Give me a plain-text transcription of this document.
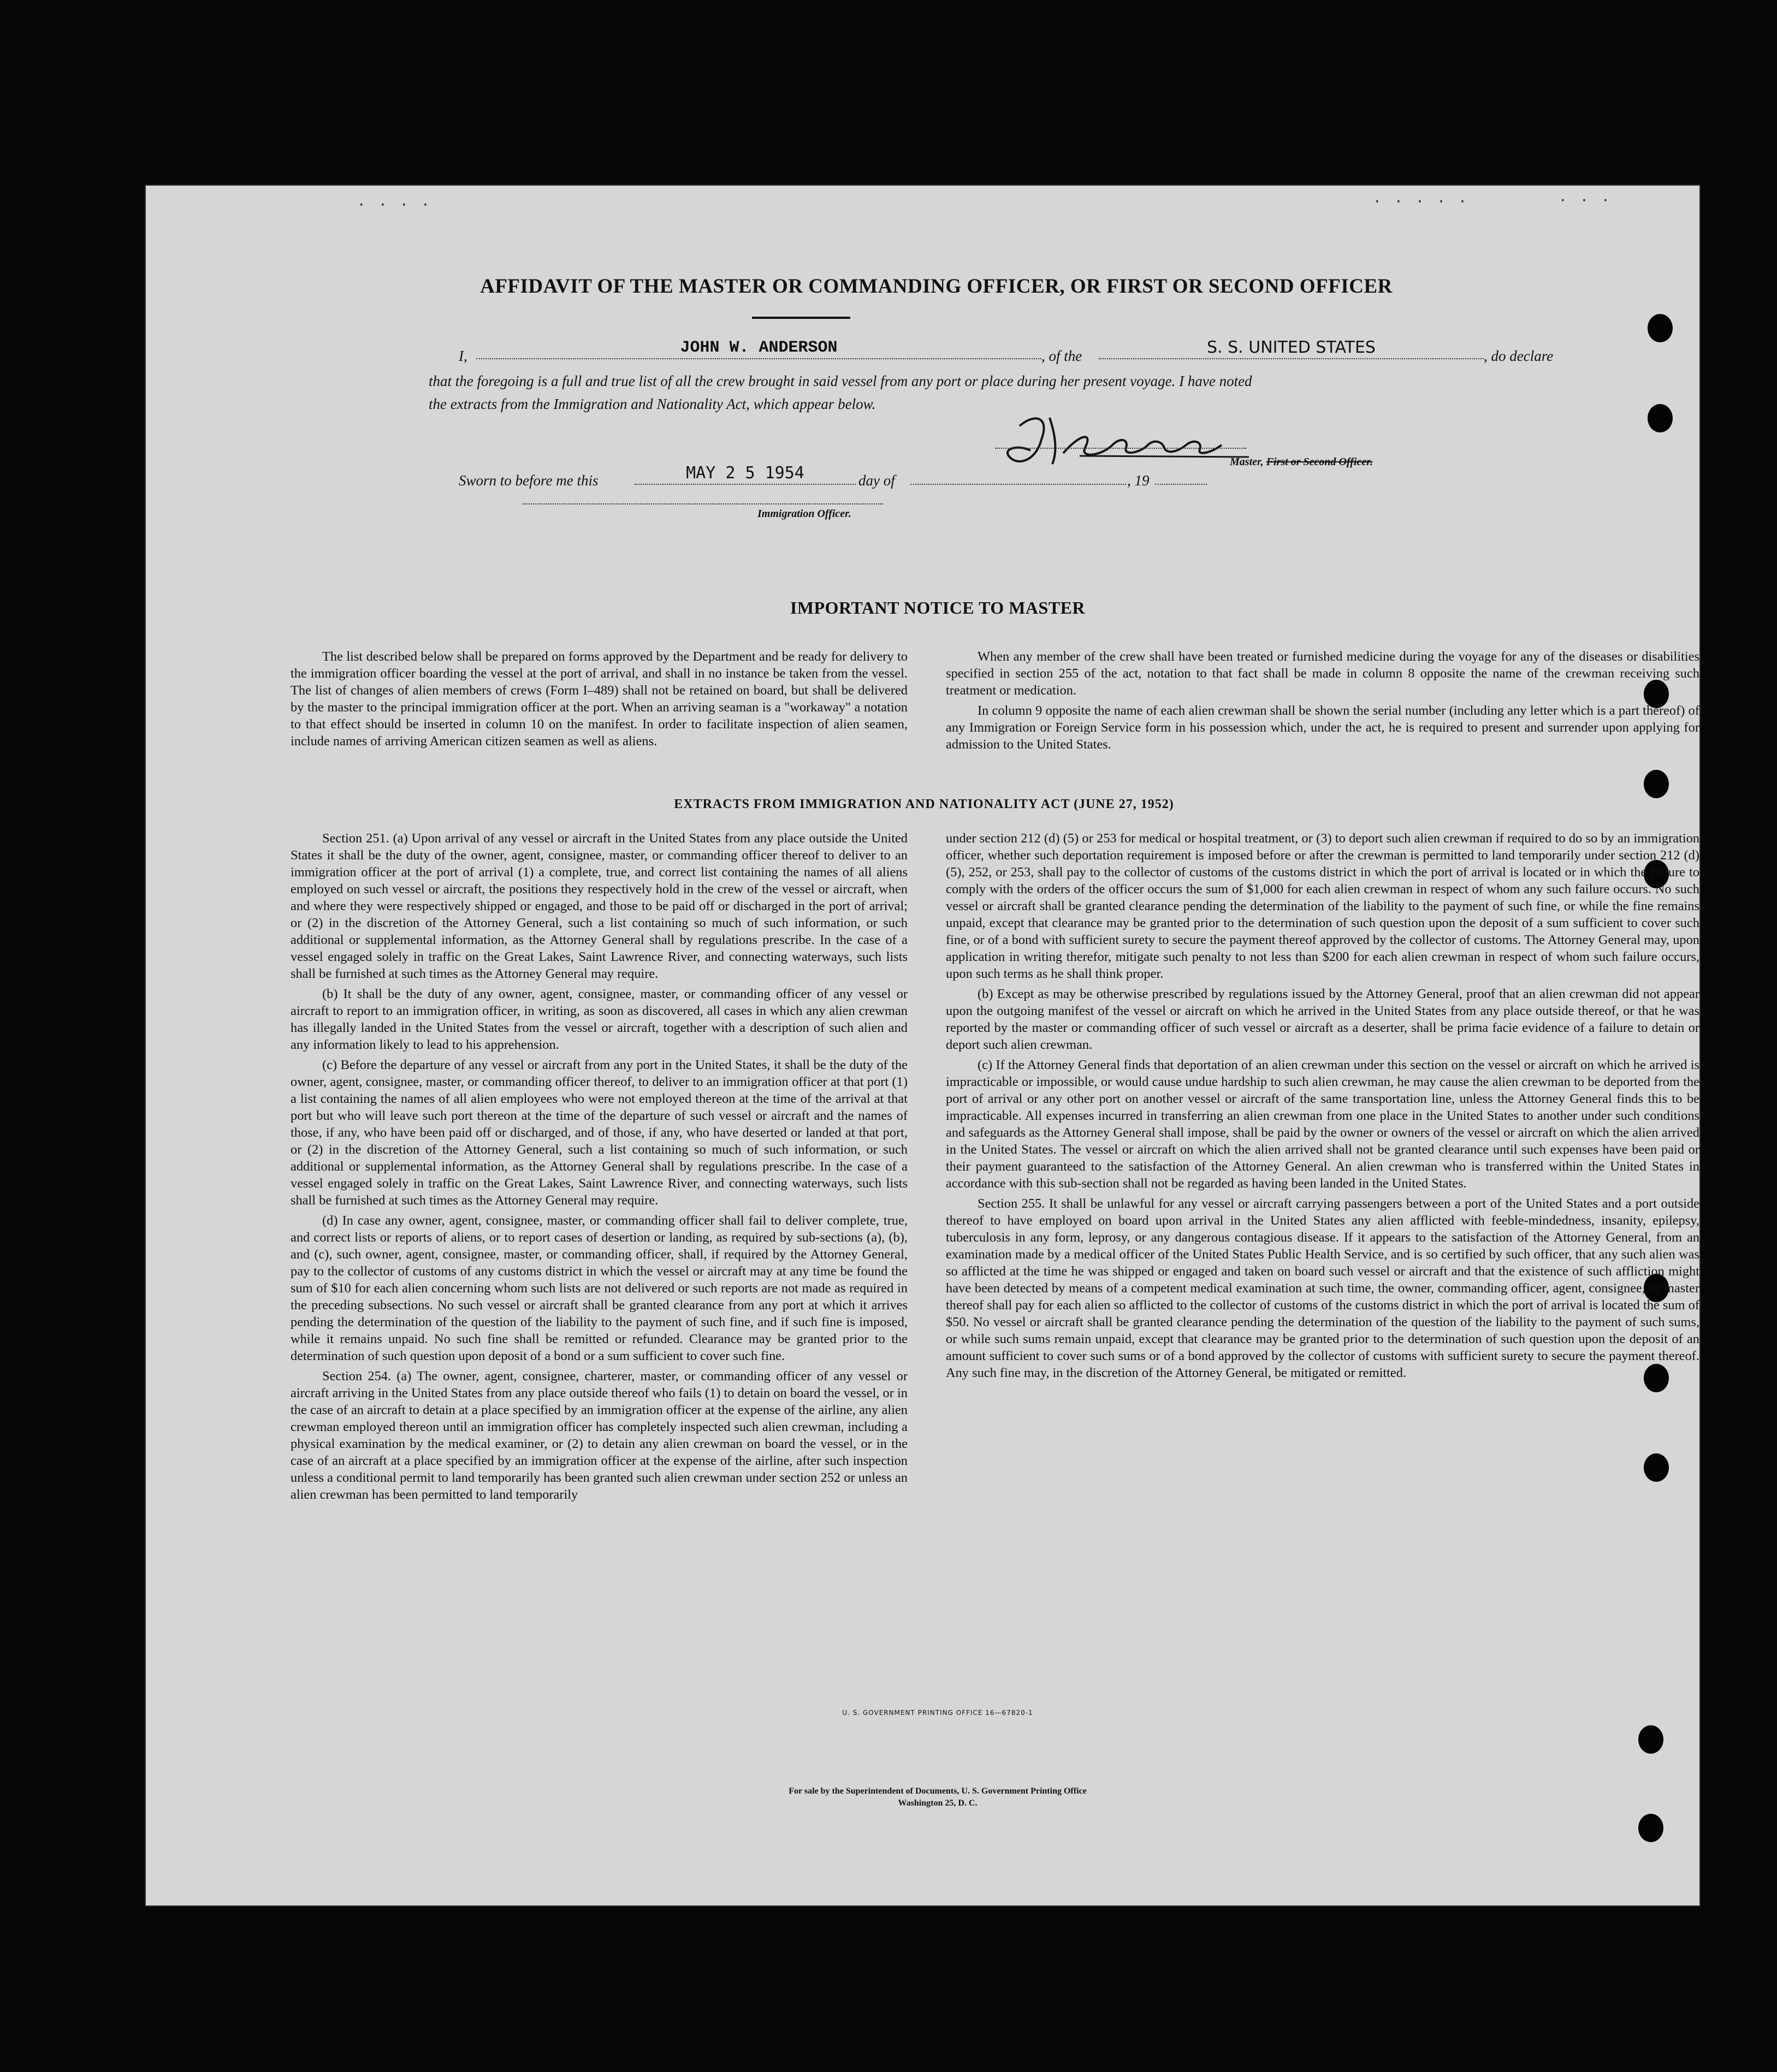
· · · ·	· · · · ·	· · ·
AFFIDAVIT OF THE MASTER OR COMMANDING OFFICER, OR FIRST OR SECOND OFFICER
I,	JOHN W. ANDERSON	, of the	S. S. UNITED STATES	, do declare
that the foregoing is a full and true list of all the crew brought in said vessel from any port or place during her present voyage. I have noted
the extracts from the Immigration and Nationality Act, which appear below.
Master, First or Second Officer.
Sworn to before me this	MAY 2 5 1954	day of	, 19
Immigration Officer.
IMPORTANT NOTICE TO MASTER

The list described below shall be prepared on forms approved by the Department and be ready for delivery to the immigration officer boarding the vessel at the port of arrival, and shall in no instance be taken from the vessel. The list of changes of alien members of crews (Form I–489) shall not be retained on board, but shall be delivered by the master to the principal immigration officer at the port. When an arriving seaman is a "workaway" a notation to that effect should be inserted in column 10 on the manifest. In order to facilitate inspection of alien seamen, include names of arriving American citizen seamen as well as aliens.

When any member of the crew shall have been treated or furnished medicine during the voyage for any of the diseases or disabilities specified in section 255 of the act, notation to that fact shall be made in column 8 opposite the name of the crewman receiving such treatment or medication.

In column 9 opposite the name of each alien crewman shall be shown the serial number (including any letter which is a part thereof) of any Immigration or Foreign Service form in his possession which, under the act, he is required to present and surrender upon applying for admission to the United States.

EXTRACTS FROM IMMIGRATION AND NATIONALITY ACT (JUNE 27, 1952)

Section 251. (a) Upon arrival of any vessel or aircraft in the United States from any place outside the United States it shall be the duty of the owner, agent, consignee, master, or commanding officer thereof to deliver to an immigration officer at the port of arrival (1) a complete, true, and correct list containing the names of all aliens employed on such vessel or aircraft, the positions they respectively hold in the crew of the vessel or aircraft, when and where they were respectively shipped or engaged, and those to be paid off or discharged in the port of arrival; or (2) in the discretion of the Attorney General, such a list containing so much of such information, or such additional or supplemental information, as the Attorney General shall by regulations prescribe. In the case of a vessel engaged solely in traffic on the Great Lakes, Saint Lawrence River, and connecting waterways, such lists shall be furnished at such times as the Attorney General may require.

(b) It shall be the duty of any owner, agent, consignee, master, or commanding officer of any vessel or aircraft to report to an immigration officer, in writing, as soon as discovered, all cases in which any alien crewman has illegally landed in the United States from the vessel or aircraft, together with a description of such alien and any information likely to lead to his apprehension.

(c) Before the departure of any vessel or aircraft from any port in the United States, it shall be the duty of the owner, agent, consignee, master, or commanding officer thereof, to deliver to an immigration officer at that port (1) a list containing the names of all alien employees who were not employed thereon at the time of the arrival at that port but who will leave such port thereon at the time of the departure of such vessel or aircraft and the names of those, if any, who have been paid off or discharged, and of those, if any, who have deserted or landed at that port, or (2) in the discretion of the Attorney General, such a list containing so much of such information, or such additional or supplemental information, as the Attorney General shall by regulations prescribe. In the case of a vessel engaged solely in traffic on the Great Lakes, Saint Lawrence River, and connecting waterways, such lists shall be furnished at such times as the Attorney General may require.

(d) In case any owner, agent, consignee, master, or commanding officer shall fail to deliver complete, true, and correct lists or reports of aliens, or to report cases of desertion or landing, as required by sub-sections (a), (b), and (c), such owner, agent, consignee, master, or commanding officer, shall, if required by the Attorney General, pay to the collector of customs of any customs district in which the vessel or aircraft may at any time be found the sum of $10 for each alien concerning whom such lists are not delivered or such reports are not made as required in the preceding subsections. No such vessel or aircraft shall be granted clearance from any port at which it arrives pending the determination of the question of the liability to the payment of such fine, and if such fine is imposed, while it remains unpaid. No such fine shall be remitted or refunded. Clearance may be granted prior to the determination of such question upon deposit of a bond or a sum sufficient to cover such fine.

Section 254. (a) The owner, agent, consignee, charterer, master, or commanding officer of any vessel or aircraft arriving in the United States from any place outside thereof who fails (1) to detain on board the vessel, or in the case of an aircraft to detain at a place specified by an immigration officer at the expense of the airline, any alien crewman employed thereon until an immigration officer has completely inspected such alien crewman, including a physical examination by the medical examiner, or (2) to detain any alien crewman on board the vessel, or in the case of an aircraft at a place specified by an immigration officer at the expense of the airline, after such inspection unless a conditional permit to land temporarily has been granted such alien crewman under section 252 or unless an alien crewman has been permitted to land temporarily

under section 212 (d) (5) or 253 for medical or hospital treatment, or (3) to deport such alien crewman if required to do so by an immigration officer, whether such deportation requirement is imposed before or after the crewman is permitted to land temporarily under section 212 (d) (5), 252, or 253, shall pay to the collector of customs of the customs district in which the port of arrival is located or in which the failure to comply with the orders of the officer occurs the sum of $1,000 for each alien crewman in respect of whom any such failure occurs. No such vessel or aircraft shall be granted clearance pending the determination of the liability to the payment of such fine, or while the fine remains unpaid, except that clearance may be granted prior to the determination of such question upon the deposit of a sum sufficient to cover such fine, or of a bond with sufficient surety to secure the payment thereof approved by the collector of customs. The Attorney General may, upon application in writing therefor, mitigate such penalty to not less than $200 for each alien crewman in respect of whom such failure occurs, upon such terms as he shall think proper.

(b) Except as may be otherwise prescribed by regulations issued by the Attorney General, proof that an alien crewman did not appear upon the outgoing manifest of the vessel or aircraft on which he arrived in the United States from any place outside thereof, or that he was reported by the master or commanding officer of such vessel or aircraft as a deserter, shall be prima facie evidence of a failure to detain or deport such alien crewman.

(c) If the Attorney General finds that deportation of an alien crewman under this section on the vessel or aircraft on which he arrived is impracticable or impossible, or would cause undue hardship to such alien crewman, he may cause the alien crewman to be deported from the port of arrival or any other port on another vessel or aircraft of the same transportation line, unless the Attorney General finds this to be impracticable. All expenses incurred in transferring an alien crewman from one place in the United States to another under such conditions and safeguards as the Attorney General shall impose, shall be paid by the owner or owners of the vessel or aircraft on which the alien arrived in the United States. The vessel or aircraft on which the alien arrived shall not be granted clearance until such expenses have been paid or their payment guaranteed to the satisfaction of the Attorney General. An alien crewman who is transferred within the United States in accordance with this sub-section shall not be regarded as having been landed in the United States.

Section 255. It shall be unlawful for any vessel or aircraft carrying passengers between a port of the United States and a port outside thereof to have employed on board upon arrival in the United States any alien afflicted with feeble-mindedness, insanity, epilepsy, tuberculosis in any form, leprosy, or any dangerous contagious disease. If it appears to the satisfaction of the Attorney General, from an examination made by a medical officer of the United States Public Health Service, and is so certified by such officer, that any such alien was so afflicted at the time he was shipped or engaged and taken on board such vessel or aircraft and that the existence of such affliction might have been detected by means of a competent medical examination at such time, the owner, commanding officer, agent, consignee, or master thereof shall pay for each alien so afflicted to the collector of customs of the customs district in which the port of arrival is located the sum of $50. No vessel or aircraft shall be granted clearance pending the determination of the question of the liability to the payment of such sums, or while such sums remain unpaid, except that clearance may be granted prior to the determination of such question upon the deposit of an amount sufficient to cover such sums or of a bond approved by the collector of customs with sufficient surety to secure the payment thereof. Any such fine may, in the discretion of the Attorney General, be mitigated or remitted.

U. S. GOVERNMENT PRINTING OFFICE 16—67820-1
For sale by the Superintendent of Documents, U. S. Government Printing Office
Washington 25, D. C.
